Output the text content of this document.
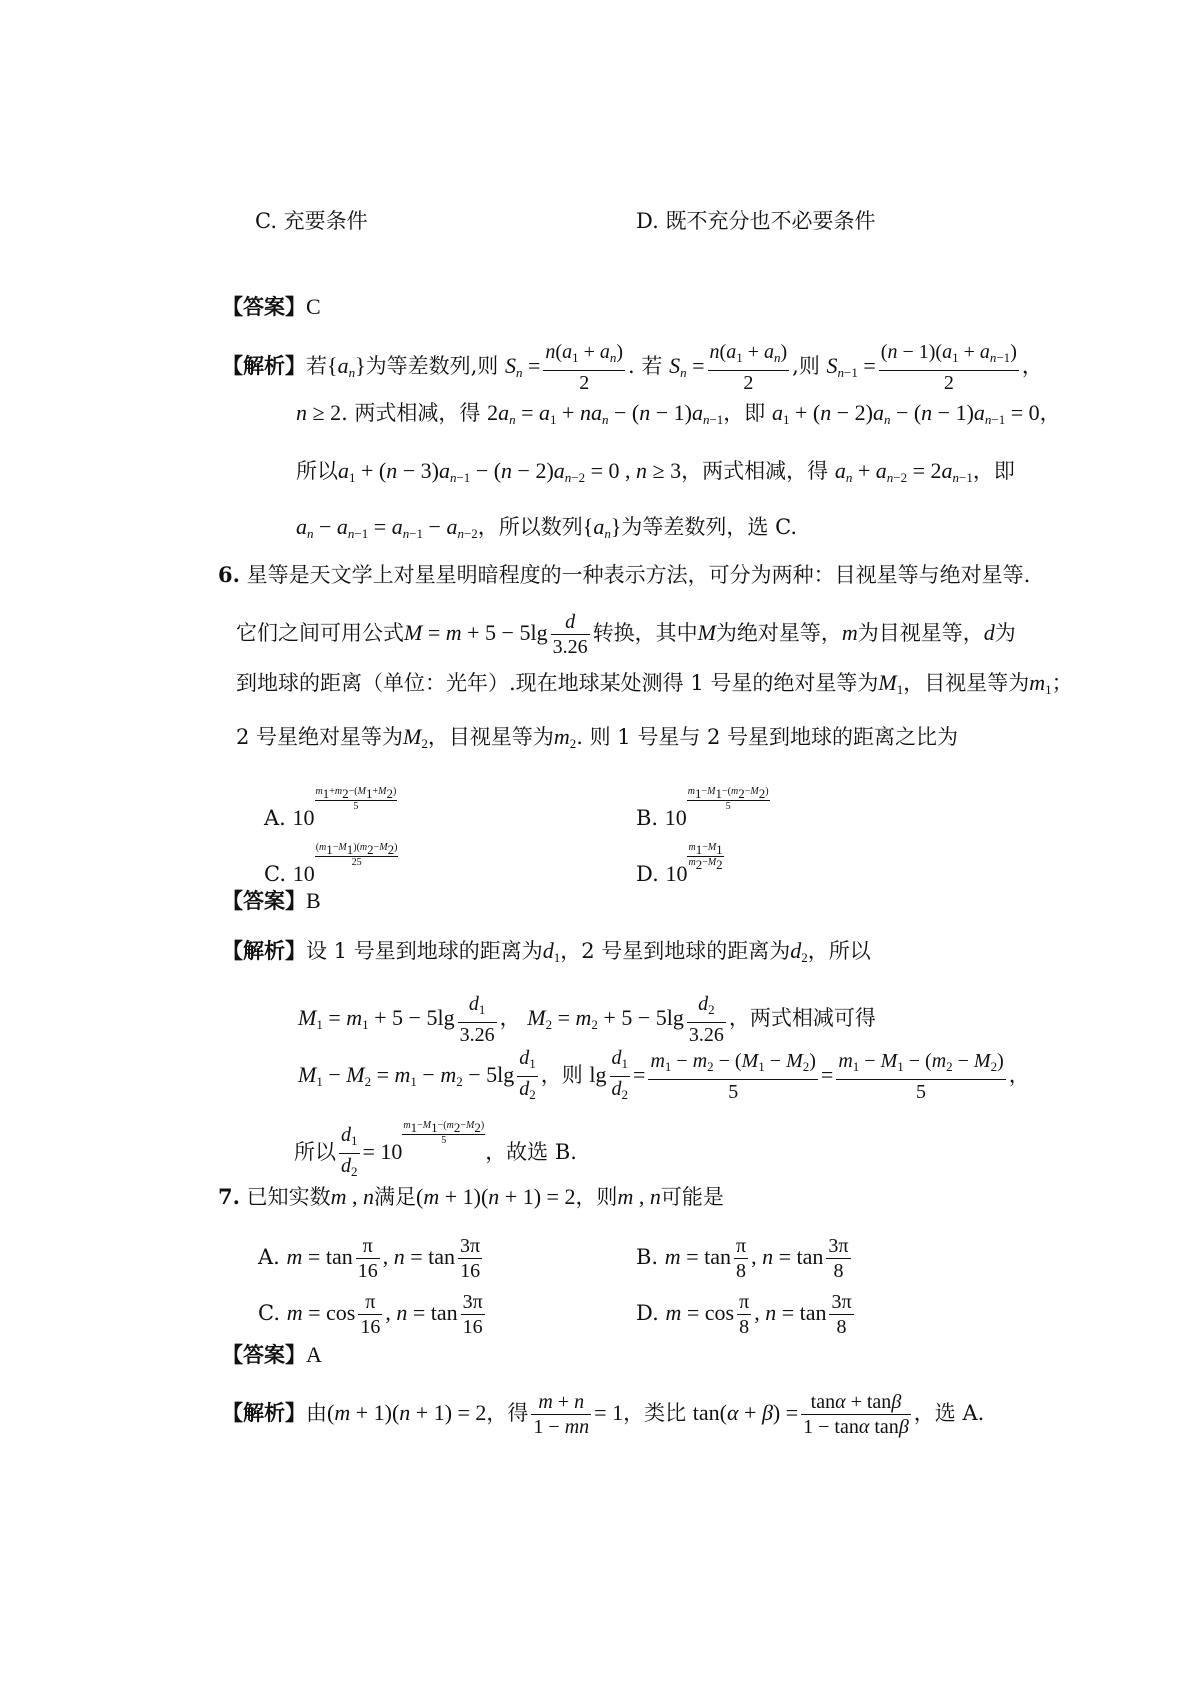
C. 充要条件	D. 既不充分也不必要条件
【答案】C
【解析】若$\{a_n\}$为等差数列,则 $S_n = \frac{n(a_1 + a_n)}{2}$ . 若 $S_n = \frac{n(a_1 + a_n)}{2}$ ,则 $S_{n-1} = \frac{(n - 1)(a_1 + a_{n-1})}{2}$ ，
n ≥ 2. 两式相减，得 $2a_n = a_1 + na_n - (n - 1)a_{n-1}$，即 $a_1 + (n - 2)a_n - (n - 1)a_{n-1} = 0$，
所以$a_1 + (n - 3)a_{n-1} - (n - 2)a_{n-2} = 0$ , n ≥ 3，两式相减，得 $a_n + a_{n-2} = 2a_{n-1}$，即
$a_n - a_{n-1} = a_{n-1} - a_{n-2}$，所以数列$\{a_n\}$为等差数列，选 C.
6. 星等是天文学上对星星明暗程度的一种表示方法，可分为两种：目视星等与绝对星等.
它们之间可用公式$M = m + 5 - 5\lg \frac{d}{3.26}$ 转换，其中M为绝对星等，m为目视星等，d为
到地球的距离（单位：光年）.现在地球某处测得 1 号星的绝对星等为$M_1$，目视星等为$m_1$；
2 号星绝对星等为$M_2$，目视星等为$m_2$. 则 1 号星与 2 号星到地球的距离之比为
A. 10
$\frac{m_1+m_2-(M_1+M_2)}{5}$
B. 10
$\frac{m_1-M_1-(m_2-M_2)}{5}$
C. 10
$\frac{(m_1-M_1)(m_2-M_2)}{25}$
D. 10
$\frac{m_1-M_1}{m_2-M_2}$
【答案】B
【解析】设 1 号星到地球的距离为$d_1$，2 号星到地球的距离为$d_2$，所以
$M_1 = m_1 + 5 - 5\lg \frac{d_1}{3.26}$ ， $M_2 = m_2 + 5 - 5\lg \frac{d_2}{3.26}$ ，两式相减可得
$M_1 - M_2 = m_1 - m_2 - 5\lg \frac{d_1}{d_2}$ ，则 $\lg \frac{d_1}{d_2} = \frac{m_1 - m_2 - (M_1 - M_2)}{5} = \frac{m_1 - M_1 - (m_2 - M_2)}{5}$ ，
所以 $\frac{d_1}{d_2} = 10$
$\frac{m_1-M_1-(m_2-M_2)}{5}$
，故选 B.
7. 已知实数m , n满足(m + 1)(n + 1) = 2，则m , n可能是
A. $m = \tan \frac{\pi}{16}$ , $n = \tan \frac{3\pi}{16}$	B. $m = \tan \frac{\pi}{8}$ , $n = \tan \frac{3\pi}{8}$
C. $m = \cos \frac{\pi}{16}$ , $n = \tan \frac{3\pi}{16}$	D. $m = \cos \frac{\pi}{8}$ , $n = \tan \frac{3\pi}{8}$
【答案】A
【解析】由(m + 1)(n + 1) = 2，得 $\frac{m + n}{1 - mn} = 1$，类比 $\tan(\alpha + \beta) = \frac{\tan\alpha + \tan\beta}{\text{1 − tanα tanβ}}$ ，选 A.
